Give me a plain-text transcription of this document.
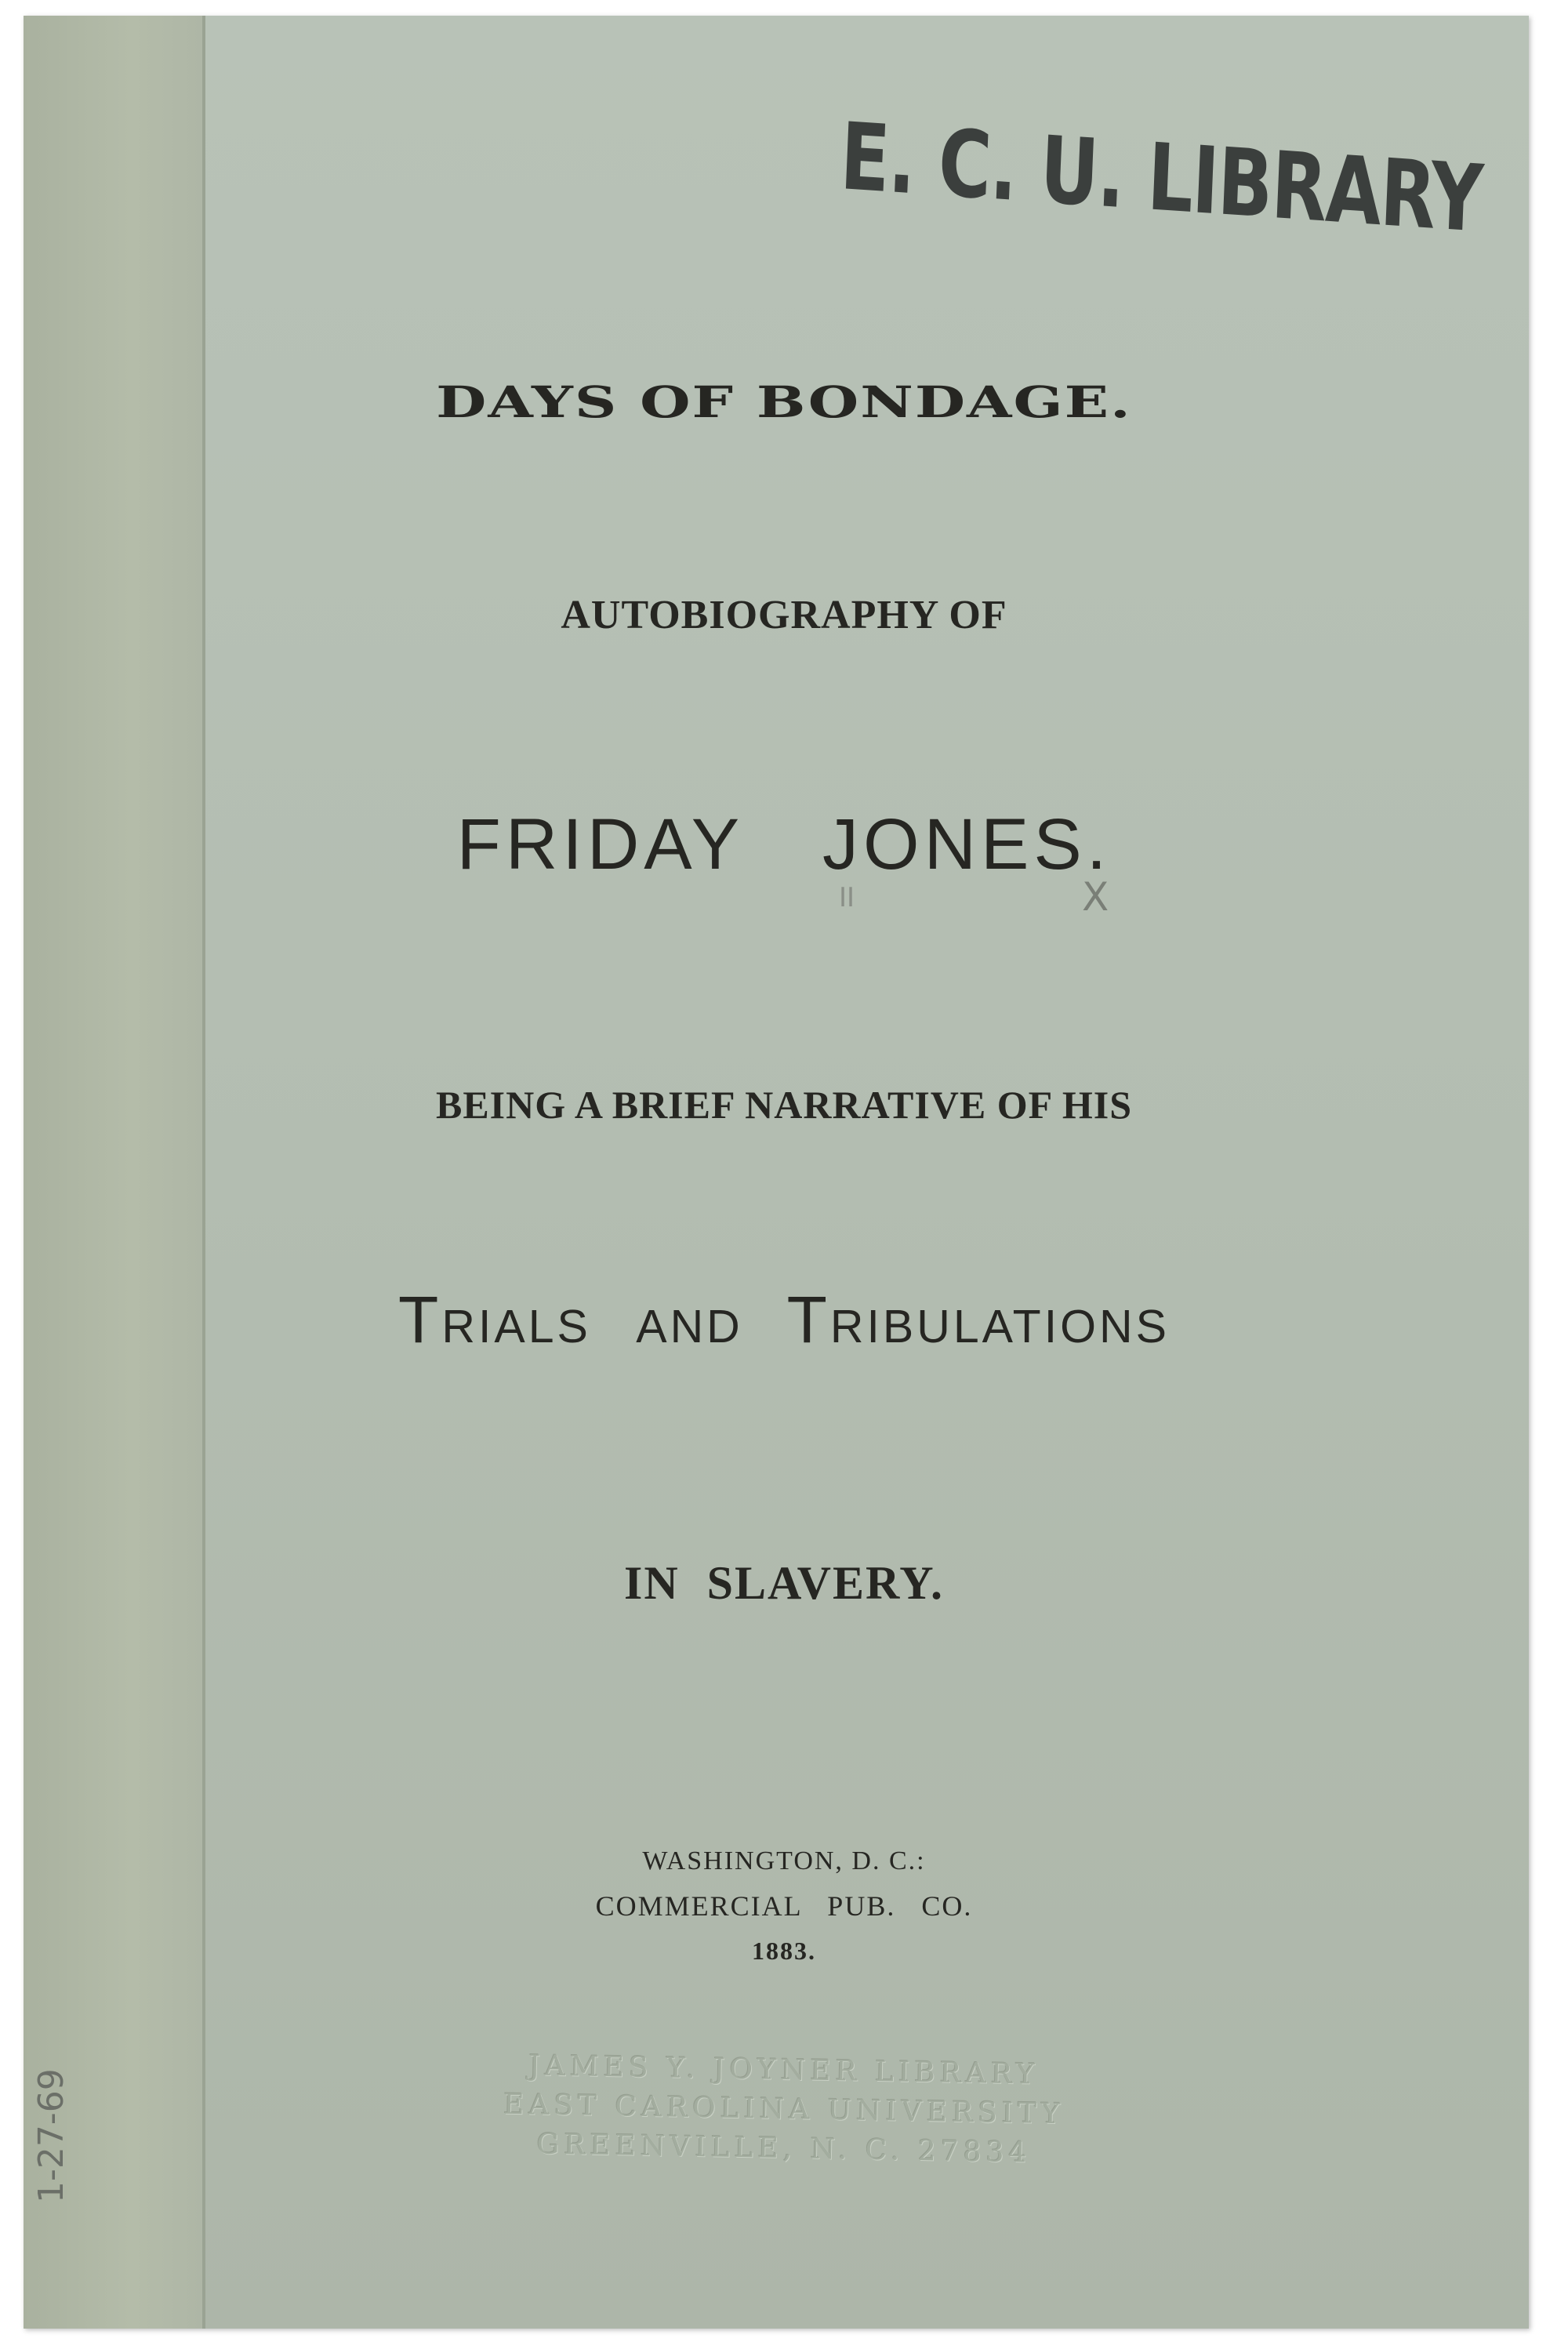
E. C. U. LIBRARY
DAYS OF BONDAGE.
AUTOBIOGRAPHY OF
FRIDAY JONES.
II	X
BEING A BRIEF NARRATIVE OF HIS
Trials and Tribulations
IN SLAVERY.
WASHINGTON, D. C.:
COMMERCIAL PUB. CO.
1883.
JAMES Y. JOYNER LIBRARY
EAST CAROLINA UNIVERSITY
GREENVILLE, N. C. 27834
1-27-69
